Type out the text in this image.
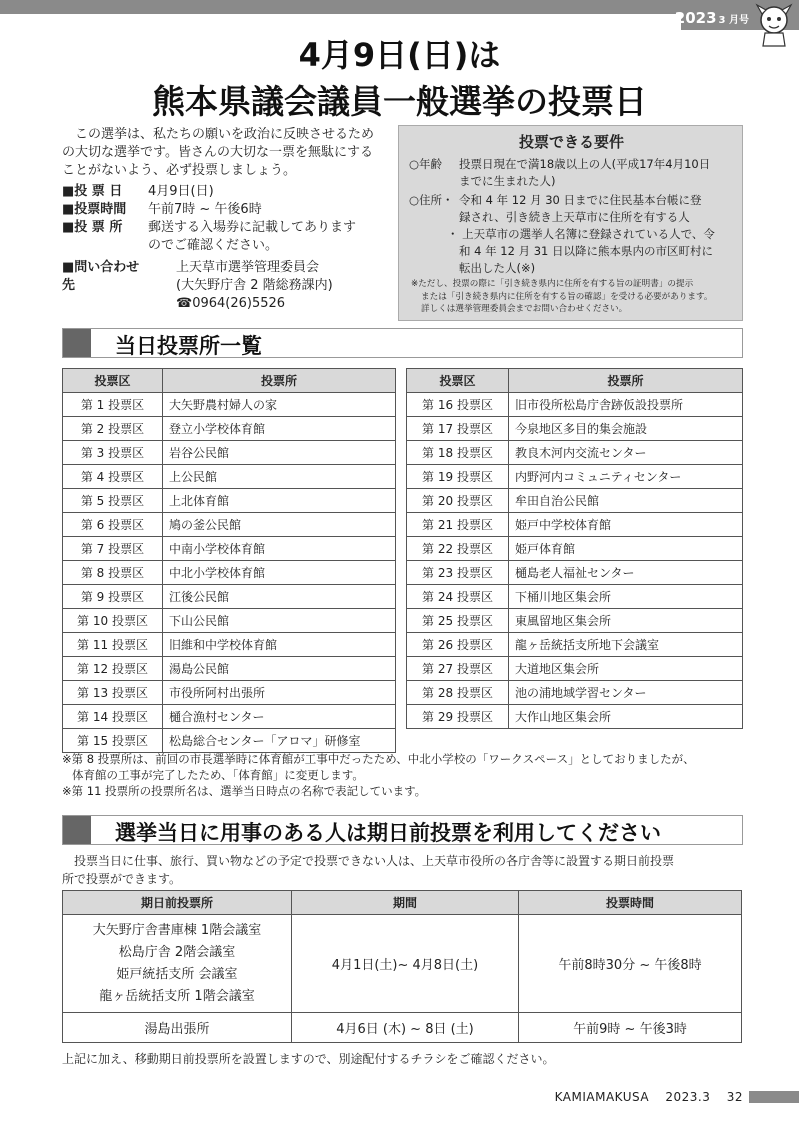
2023 3 月号
4月9日(日)は
熊本県議会議員一般選挙の投票日

この選挙は、私たちの願いを政治に反映させるための大切な選挙です。皆さんの大切な一票を無駄にすることがないよう、必ず投票しましょう。

■投 票 日	4月9日(日)
■投票時間	午前7時 ~ 午後6時
■投 票 所	郵送する入場券に記載してあります
のでご確認ください。
■問い合わせ先
上天草市選挙管理委員会
(大矢野庁舎 2 階総務課内)
☎0964(26)5526
投票できる要件
○年齢 投票日現在で満18歳以上の人(平成17年4月10日
までに生まれた人)
○住所・ 令和 4 年 12 月 30 日までに住民基本台帳に登
録され、引き続き上天草市に住所を有する人
・ 上天草市の選挙人名簿に登録されている人で、令
和 4 年 12 月 31 日以降に熊本県内の市区町村に
転出した人(※)
※ただし、投票の際に「引き続き県内に住所を有する旨の証明書」の提示
または「引き続き県内に住所を有する旨の確認」を受ける必要があります。
詳しくは選挙管理委員会までお問い合わせください。
当日投票所一覧
投票区	投票所
第 1 投票区	大矢野農村婦人の家
第 2 投票区	登立小学校体育館
第 3 投票区	岩谷公民館
第 4 投票区	上公民館
第 5 投票区	上北体育館
第 6 投票区	鳩の釜公民館
第 7 投票区	中南小学校体育館
第 8 投票区	中北小学校体育館
第 9 投票区	江後公民館
第 10 投票区	下山公民館
第 11 投票区	旧維和中学校体育館
第 12 投票区	湯島公民館
第 13 投票区	市役所阿村出張所
第 14 投票区	樋合漁村センター
第 15 投票区	松島総合センター「アロマ」研修室
投票区	投票所
第 16 投票区	旧市役所松島庁舎跡仮設投票所
第 17 投票区	今泉地区多目的集会施設
第 18 投票区	教良木河内交流センター
第 19 投票区	内野河内コミュニティセンター
第 20 投票区	牟田自治公民館
第 21 投票区	姫戸中学校体育館
第 22 投票区	姫戸体育館
第 23 投票区	樋島老人福祉センター
第 24 投票区	下桶川地区集会所
第 25 投票区	東風留地区集会所
第 26 投票区	龍ヶ岳統括支所地下会議室
第 27 投票区	大道地区集会所
第 28 投票区	池の浦地域学習センター
第 29 投票区	大作山地区集会所
※第 8 投票所は、前回の市長選挙時に体育館が工事中だったため、中北小学校の「ワークスペース」としておりましたが、
体育館の工事が完了したため、「体育館」に変更します。
※第 11 投票所の投票所名は、選挙当日時点の名称で表記しています。
選挙当日に用事のある人は期日前投票を利用してください

投票当日に仕事、旅行、買い物などの予定で投票できない人は、上天草市役所の各庁舎等に設置する期日前投票

所で投票ができます。
期日前投票所	期間	投票時間

大矢野庁舎書庫棟 1階会議室
松島庁舎 2階会議室
姫戸統括支所 会議室
龍ヶ岳統括支所 1階会議室	4月1日(土)~ 4月8日(土)	午前8時30分 ~ 午後8時
湯島出張所	4月6日 (木) ~ 8日 (土)	午前9時 ~ 午後3時
上記に加え、移動期日前投票所を設置しますので、別途配付するチラシをご確認ください。
KAMIAMAKUSA 2023.3 32
